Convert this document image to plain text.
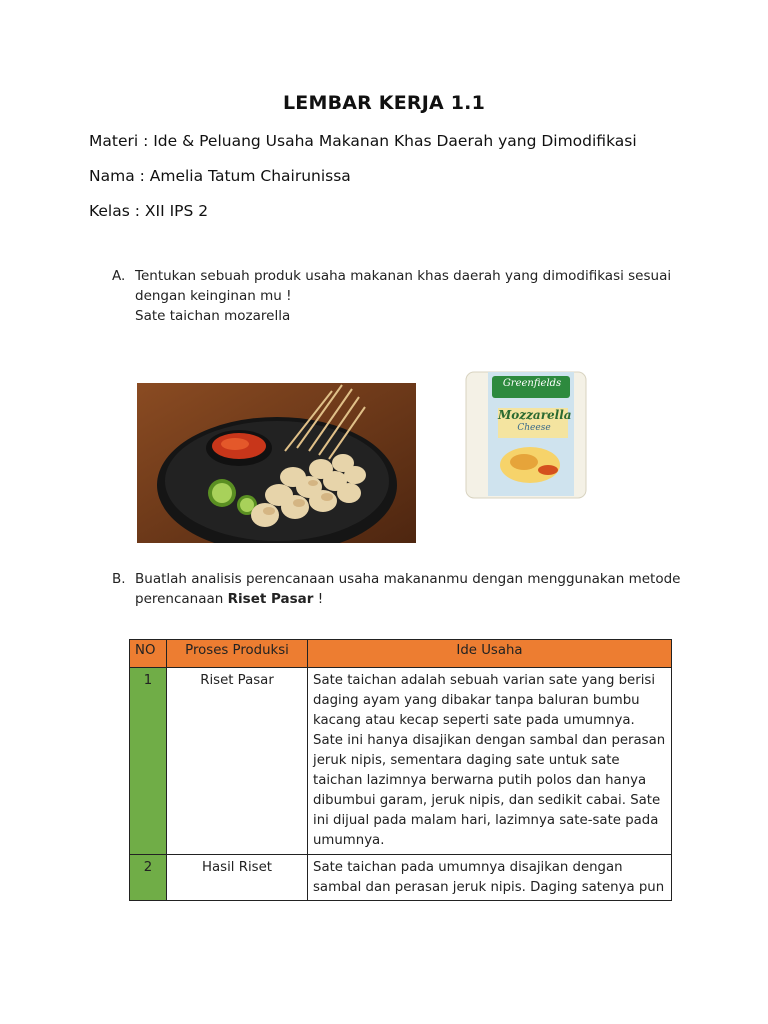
LEMBAR KERJA 1.1
Materi : Ide & Peluang Usaha Makanan Khas Daerah yang Dimodifikasi
Nama : Amelia Tatum Chairunissa
Kelas : XII IPS 2
A. Tentukan sebuah produk usaha makanan khas daerah yang dimodifikasi sesuai dengan keinginan mu !
Sate taichan mozarella
Greenfields
Mozzarella
Cheese
B. Buatlah analisis perencanaan usaha makananmu dengan menggunakan metode perencanaan Riset Pasar !
NO	Proses Produksi	Ide Usaha
1	Riset Pasar	Sate taichan adalah sebuah varian sate yang berisi daging ayam yang dibakar tanpa baluran bumbu kacang atau kecap seperti sate pada umumnya. Sate ini hanya disajikan dengan sambal dan perasan jeruk nipis, sementara daging sate untuk sate taichan lazimnya berwarna putih polos dan hanya dibumbui garam, jeruk nipis, dan sedikit cabai. Sate ini dijual pada malam hari, lazimnya sate-sate pada umumnya.
2	Hasil Riset	Sate taichan pada umumnya disajikan dengan sambal dan perasan jeruk nipis. Daging satenya pun
